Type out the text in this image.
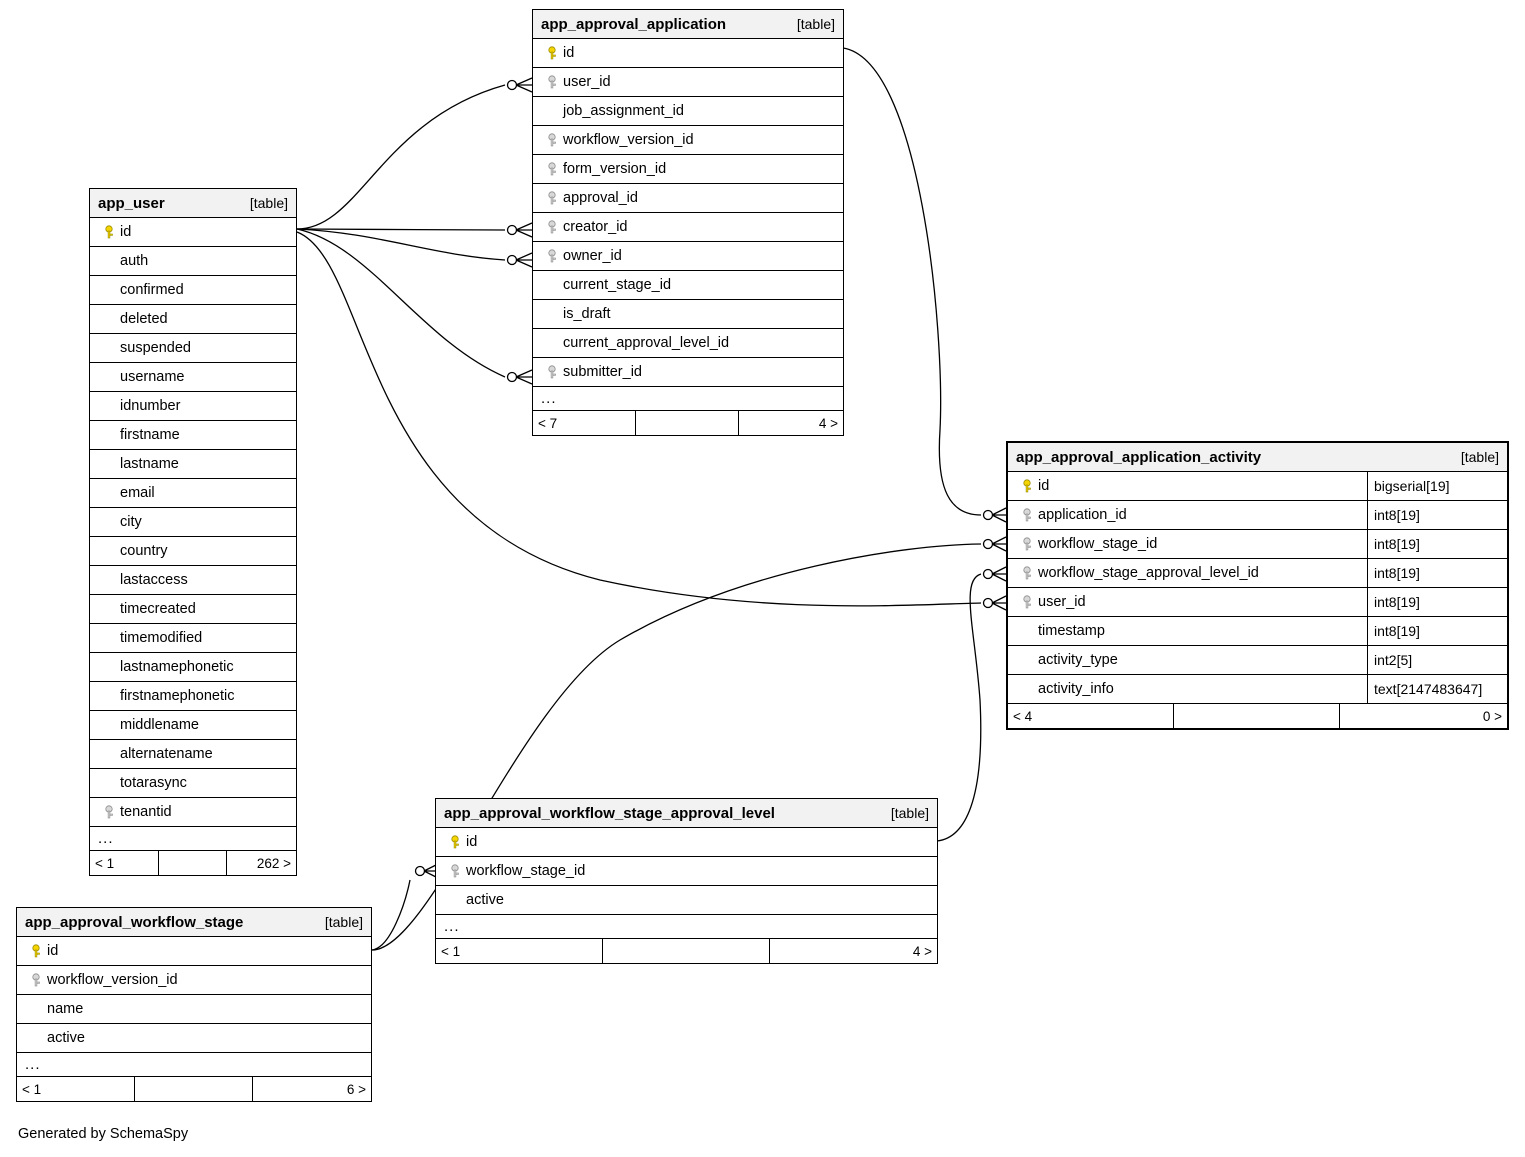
app_user	[table]
id
auth
confirmed
deleted
suspended
username
idnumber
firstname
lastname
email
city
country
lastaccess
timecreated
timemodified
lastnamephonetic
firstnamephonetic
middlename
alternatename
totarasync
tenantid
...
< 1	262 >
app_approval_application	[table]
id
user_id
job_assignment_id
workflow_version_id
form_version_id
approval_id
creator_id
owner_id
current_stage_id
is_draft
current_approval_level_id
submitter_id
...
< 7	4 >
app_approval_application_activity	[table]
id	bigserial[19]
application_id	int8[19]
workflow_stage_id	int8[19]
workflow_stage_approval_level_id	int8[19]
user_id	int8[19]
timestamp	int8[19]
activity_type	int2[5]
activity_info	text[2147483647]
< 4	0 >
app_approval_workflow_stage_approval_level	[table]
id
workflow_stage_id
active
...
< 1	4 >
app_approval_workflow_stage	[table]
id
workflow_version_id
name
active
...
< 1	6 >
Generated by SchemaSpy
